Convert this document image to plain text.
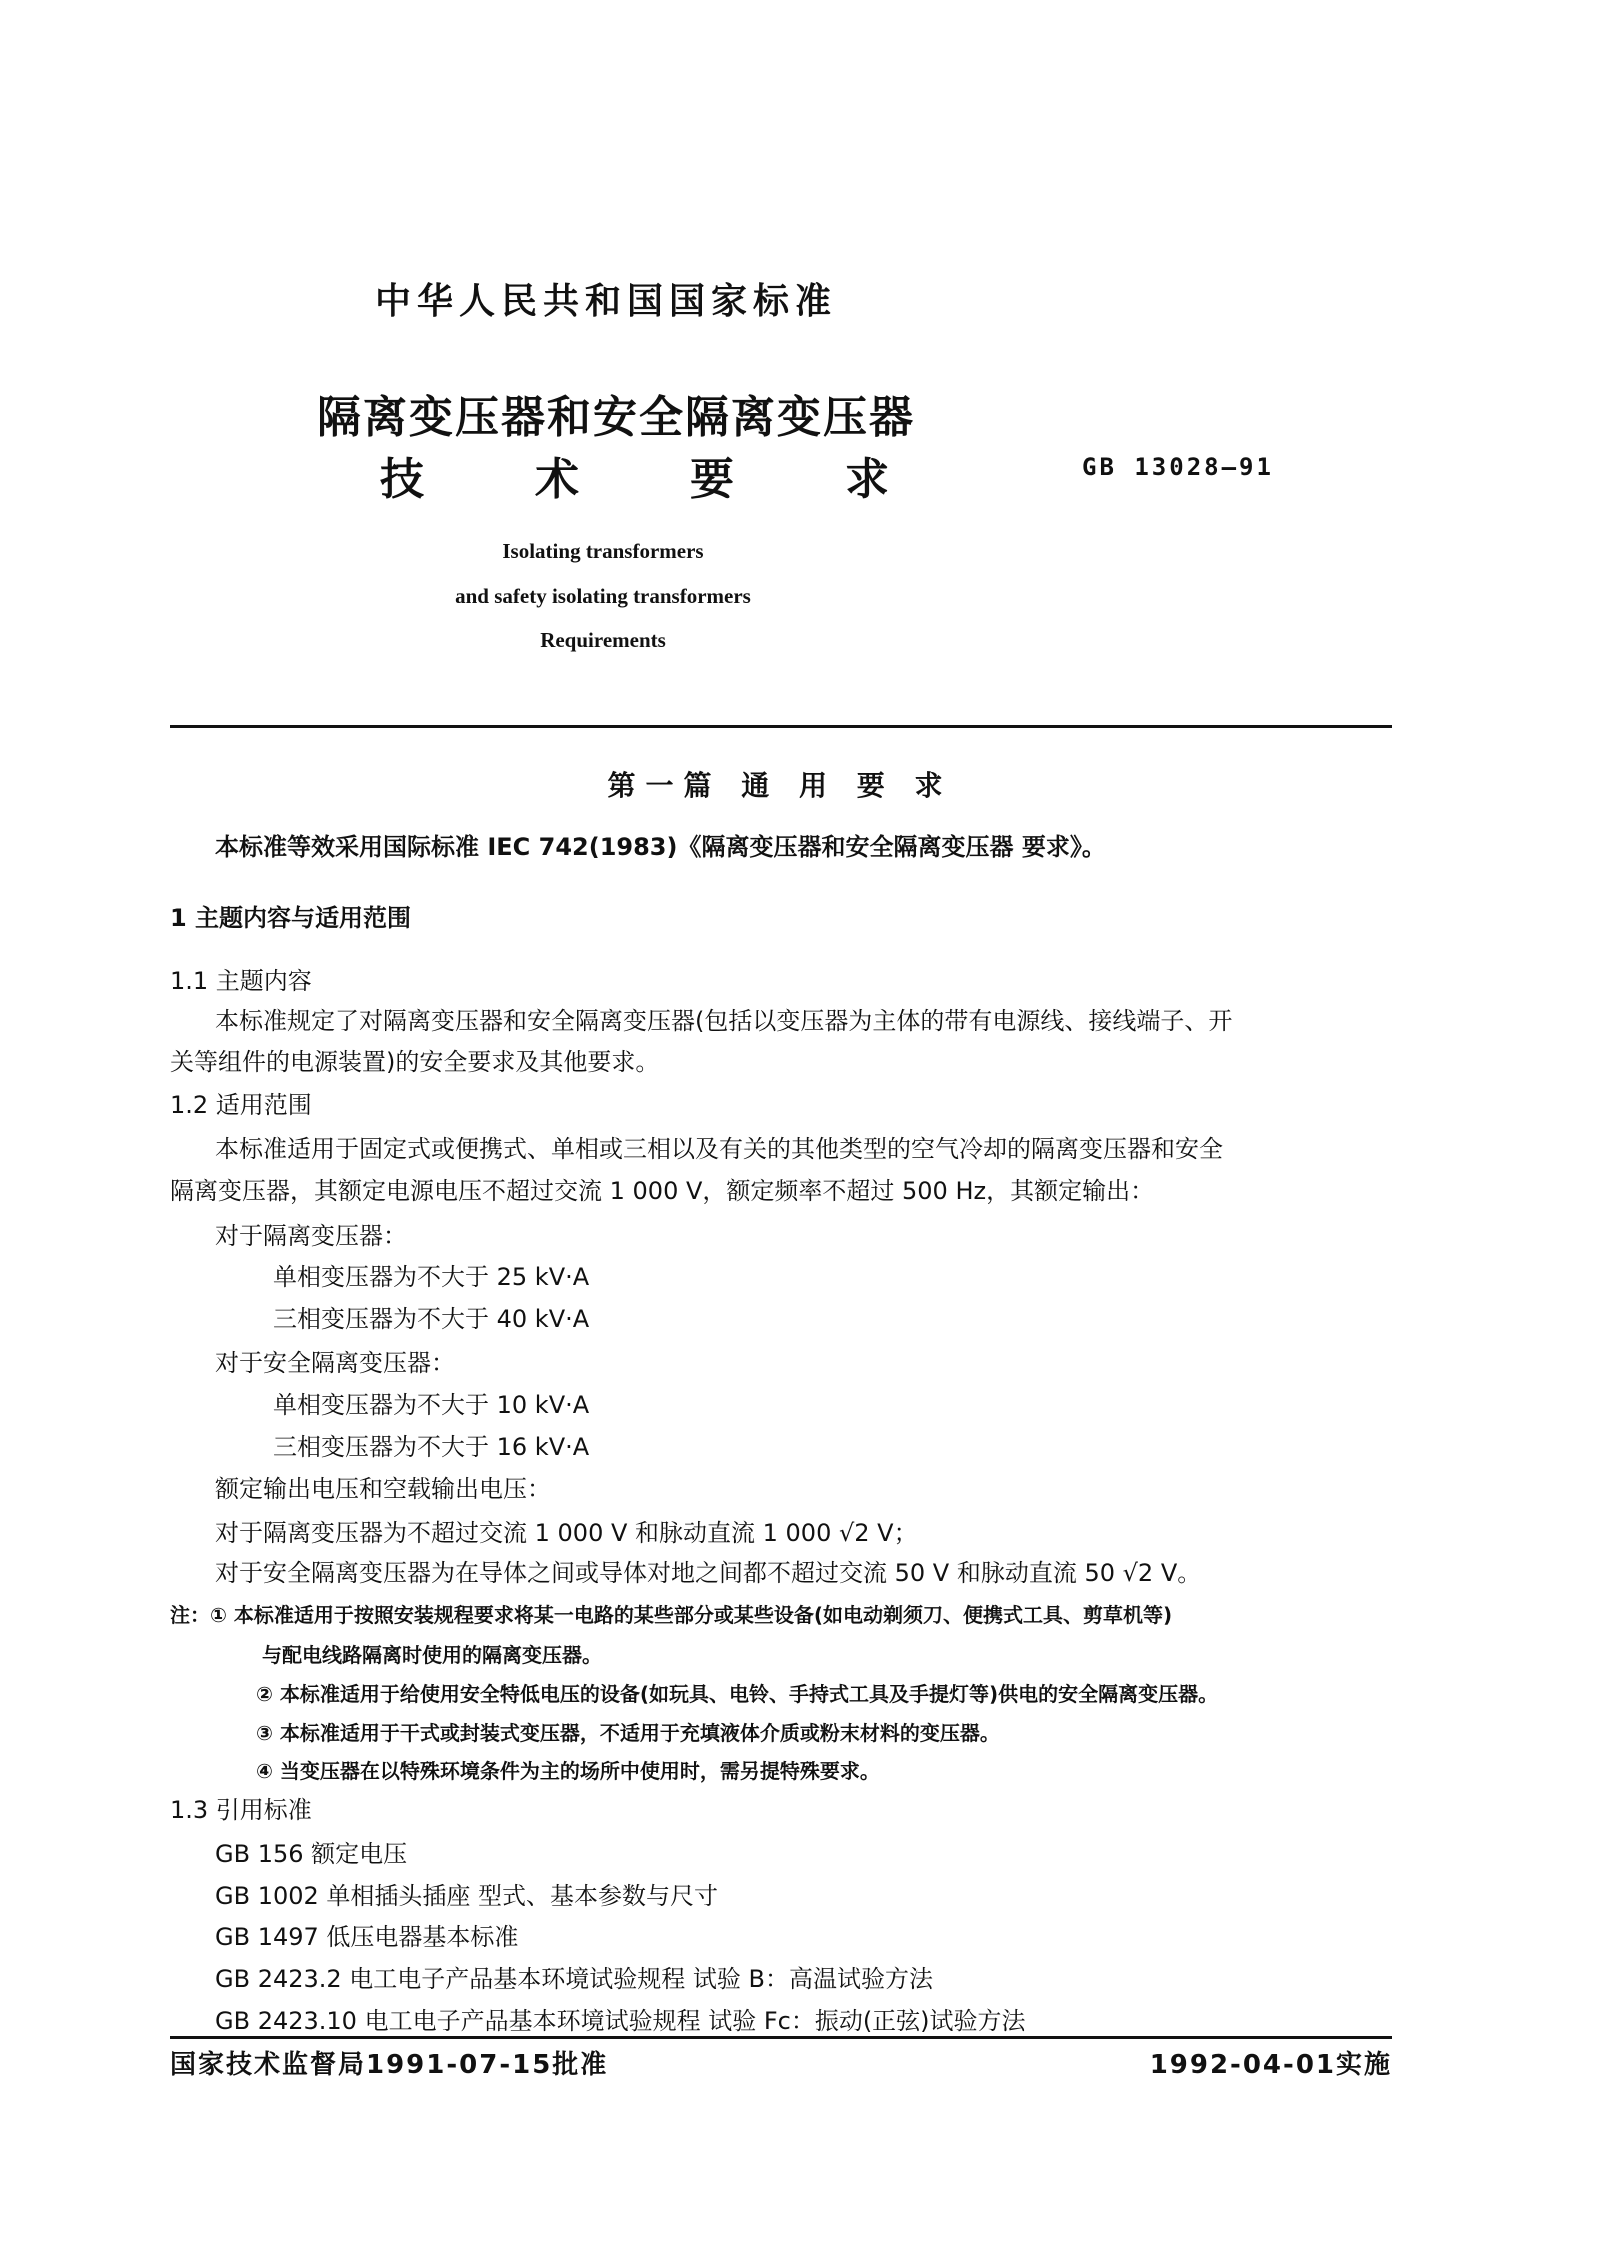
中华人民共和国国家标准
隔离变压器和安全隔离变压器
技	术	要	求	GB 13028—91
Isolating transformers
and safety isolating transformers
Requirements
第一篇 通 用 要 求
本标准等效采用国际标准 IEC 742(1983)《隔离变压器和安全隔离变压器 要求》。
1 主题内容与适用范围
1.1 主题内容
本标准规定了对隔离变压器和安全隔离变压器(包括以变压器为主体的带有电源线、接线端子、开
关等组件的电源装置)的安全要求及其他要求。
1.2 适用范围
本标准适用于固定式或便携式、单相或三相以及有关的其他类型的空气冷却的隔离变压器和安全
隔离变压器，其额定电源电压不超过交流 1 000 V，额定频率不超过 500 Hz，其额定输出：
对于隔离变压器：
单相变压器为不大于 25 kV·A
三相变压器为不大于 40 kV·A
对于安全隔离变压器：
单相变压器为不大于 10 kV·A
三相变压器为不大于 16 kV·A
额定输出电压和空载输出电压：
对于隔离变压器为不超过交流 1 000 V 和脉动直流 1 000 √2 V；
对于安全隔离变压器为在导体之间或导体对地之间都不超过交流 50 V 和脉动直流 50 √2 V。
注：① 本标准适用于按照安装规程要求将某一电路的某些部分或某些设备(如电动剃须刀、便携式工具、剪草机等)
与配电线路隔离时使用的隔离变压器。
② 本标准适用于给使用安全特低电压的设备(如玩具、电铃、手持式工具及手提灯等)供电的安全隔离变压器。
③ 本标准适用于干式或封装式变压器，不适用于充填液体介质或粉末材料的变压器。
④ 当变压器在以特殊环境条件为主的场所中使用时，需另提特殊要求。
1.3 引用标准
GB 156 额定电压
GB 1002 单相插头插座 型式、基本参数与尺寸
GB 1497 低压电器基本标准
GB 2423.2 电工电子产品基本环境试验规程 试验 B：高温试验方法
GB 2423.10 电工电子产品基本环境试验规程 试验 Fc：振动(正弦)试验方法
国家技术监督局1991-07-15批准	1992-04-01实施
